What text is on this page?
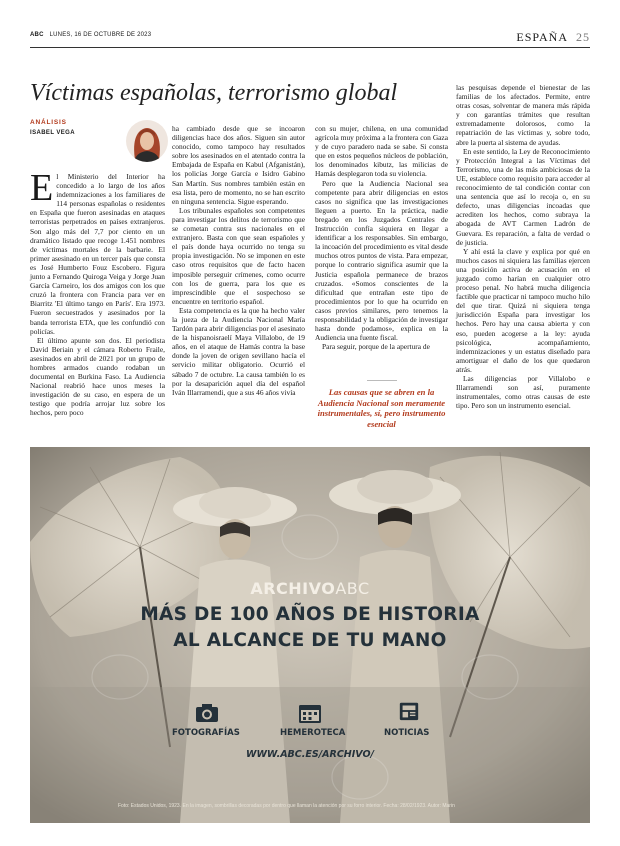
ABC LUNES, 16 DE OCTUBRE DE 2023	ESPAÑA 25
Víctimas españolas, terrorismo global
ANÁLISIS
ISABEL VEGA
E l Ministerio del Interior ha concedido a lo largo de los años indemnizaciones a los familiares de 114 personas españolas o residentes en España que fueron asesinadas en ataques terroristas perpetrados en países extranjeros. Son algo más del 7,7 por ciento en un dramático listado que recoge 1.451 nombres de víctimas mortales de la barbarie. El primer asesinado en un tercer país que consta es José Humberto Fouz Escobero. Figura junto a Fernando Quiroga Veiga y Jorge Juan García Carneiro, los dos amigos con los que cruzó la frontera con Francia para ver en Biarritz 'El último tango en París'. Era 1973. Fueron secuestrados y asesinados por la banda terrorista ETA, que les confundió con policías.

El último apunte son dos. El periodista David Beriain y el cámara Roberto Fraile, asesinados en abril de 2021 por un grupo de hombres armados cuando rodaban un documental en Burkina Faso. La Audiencia Nacional reabrió hace unos meses la investigación de su caso, en espera de un testigo que podría arrojar luz sobre los hechos, pero poco

ha cambiado desde que se incoaron diligencias hace dos años. Siguen sin autor conocido, como tampoco hay resultados sobre los asesinados en el atentado contra la Embajada de España en Kabul (Afganistán), los policías Jorge García e Isidro Gabino San Martín. Sus nombres también están en esa lista, pero de momento, no se han escrito en ninguna sentencia. Sigue esperando.

Los tribunales españoles son competentes para investigar los delitos de terrorismo que se cometan contra sus nacionales en el extranjero. Basta con que sean españoles y el país donde haya ocurrido no tenga su propia investigación. No se imponen en este caso otros requisitos que de facto hacen imposible perseguir crímenes, como ocurre con los de guerra, para los que es imprescindible que el sospechoso se encuentre en territorio español.

Esta competencia es la que ha hecho valer la jueza de la Audiencia Nacional María Tardón para abrir diligencias por el asesinato de la hispanoisraelí Maya Villalobo, de 19 años, en el ataque de Hamás contra la base donde la joven de origen sevillano hacía el servicio militar obligatorio. Ocurrió el sábado 7 de octubre. La causa también lo es por la desaparición aquel día del español Iván Illarramendi, que a sus 46 años vivía

con su mujer, chilena, en una comunidad agrícola muy próxima a la frontera con Gaza y de cuyo paradero nada se sabe. Si consta que en estos pequeños núcleos de población, los denominados kibutz, las milicias de Hamás desplegaron toda su violencia.

Pero que la Audiencia Nacional sea competente para abrir diligencias en estos casos no significa que las investigaciones lleguen a puerto. En la práctica, nadie bregado en los Juzgados Centrales de Instrucción confía siquiera en llegar a identificar a los responsables. Sin embargo, la incoación del procedimiento es vital desde muchos otros puntos de vista. Para empezar, porque lo contrario significa asumir que la Justicia española permanece de brazos cruzados. «Somos conscientes de la dificultad que entrañan este tipo de procedimientos por lo que ha ocurrido en casos previos similares, pero tenemos la responsabilidad y la obligación de investigar hasta donde podamos», explica en la Audiencia una fuente fiscal.

Para seguir, porque de la apertura de

Las causas que se abren en la Audiencia Nacional son meramente instrumentales, sí, pero instrumento esencial

las pesquisas depende el bienestar de las familias de los afectados. Permite, entre otras cosas, solventar de manera más rápida y con garantías trámites que resultan extremadamente dolorosos, como la repatriación de las víctimas y, sobre todo, abre la puerta al sistema de ayudas.

En este sentido, la Ley de Reconocimiento y Protección Integral a las Víctimas del Terrorismo, una de las más ambiciosas de la UE, establece como requisito para acceder al reconocimiento de tal condición contar con una sentencia que así lo recoja o, en su defecto, unas diligencias incoadas que acrediten los hechos, como subraya la abogada de AVT Carmen Ladrón de Guevara. Es reparación, a falta de verdad o de justicia.

Y ahí está la clave y explica por qué en muchos casos ni siquiera las familias ejercen una posición activa de acusación en el juzgado como harían en cualquier otro proceso penal. No habrá mucha diligencia factible que practicar ni tampoco mucho hilo del que tirar. Quizá ni siquiera tenga jurisdicción España para investigar los hechos. Pero hay una causa abierta y con eso, pueden acogerse a la ley: ayuda psicológica, acompañamiento, indemnizaciones y un estatus diseñado para amortiguar el daño de los que quedaron atrás.

Las diligencias por Villalobo e Illarramendi son así, puramente instrumentales, como otras causas de este tipo. Pero son un instrumento esencial.

ARCHIVOABC
MÁS DE 100 AÑOS DE HISTORIA
AL ALCANCE DE TU MANO
FOTOGRAFÍAS	HEMEROTECA	NOTICIAS
WWW.ABC.ES/ARCHIVO/
Foto: Estados Unidos, 1923. En la imagen, sombrillas decoradas por dentro que llaman la atención por su forro interior. Fecha: 28/02/1923. Autor: Marin
